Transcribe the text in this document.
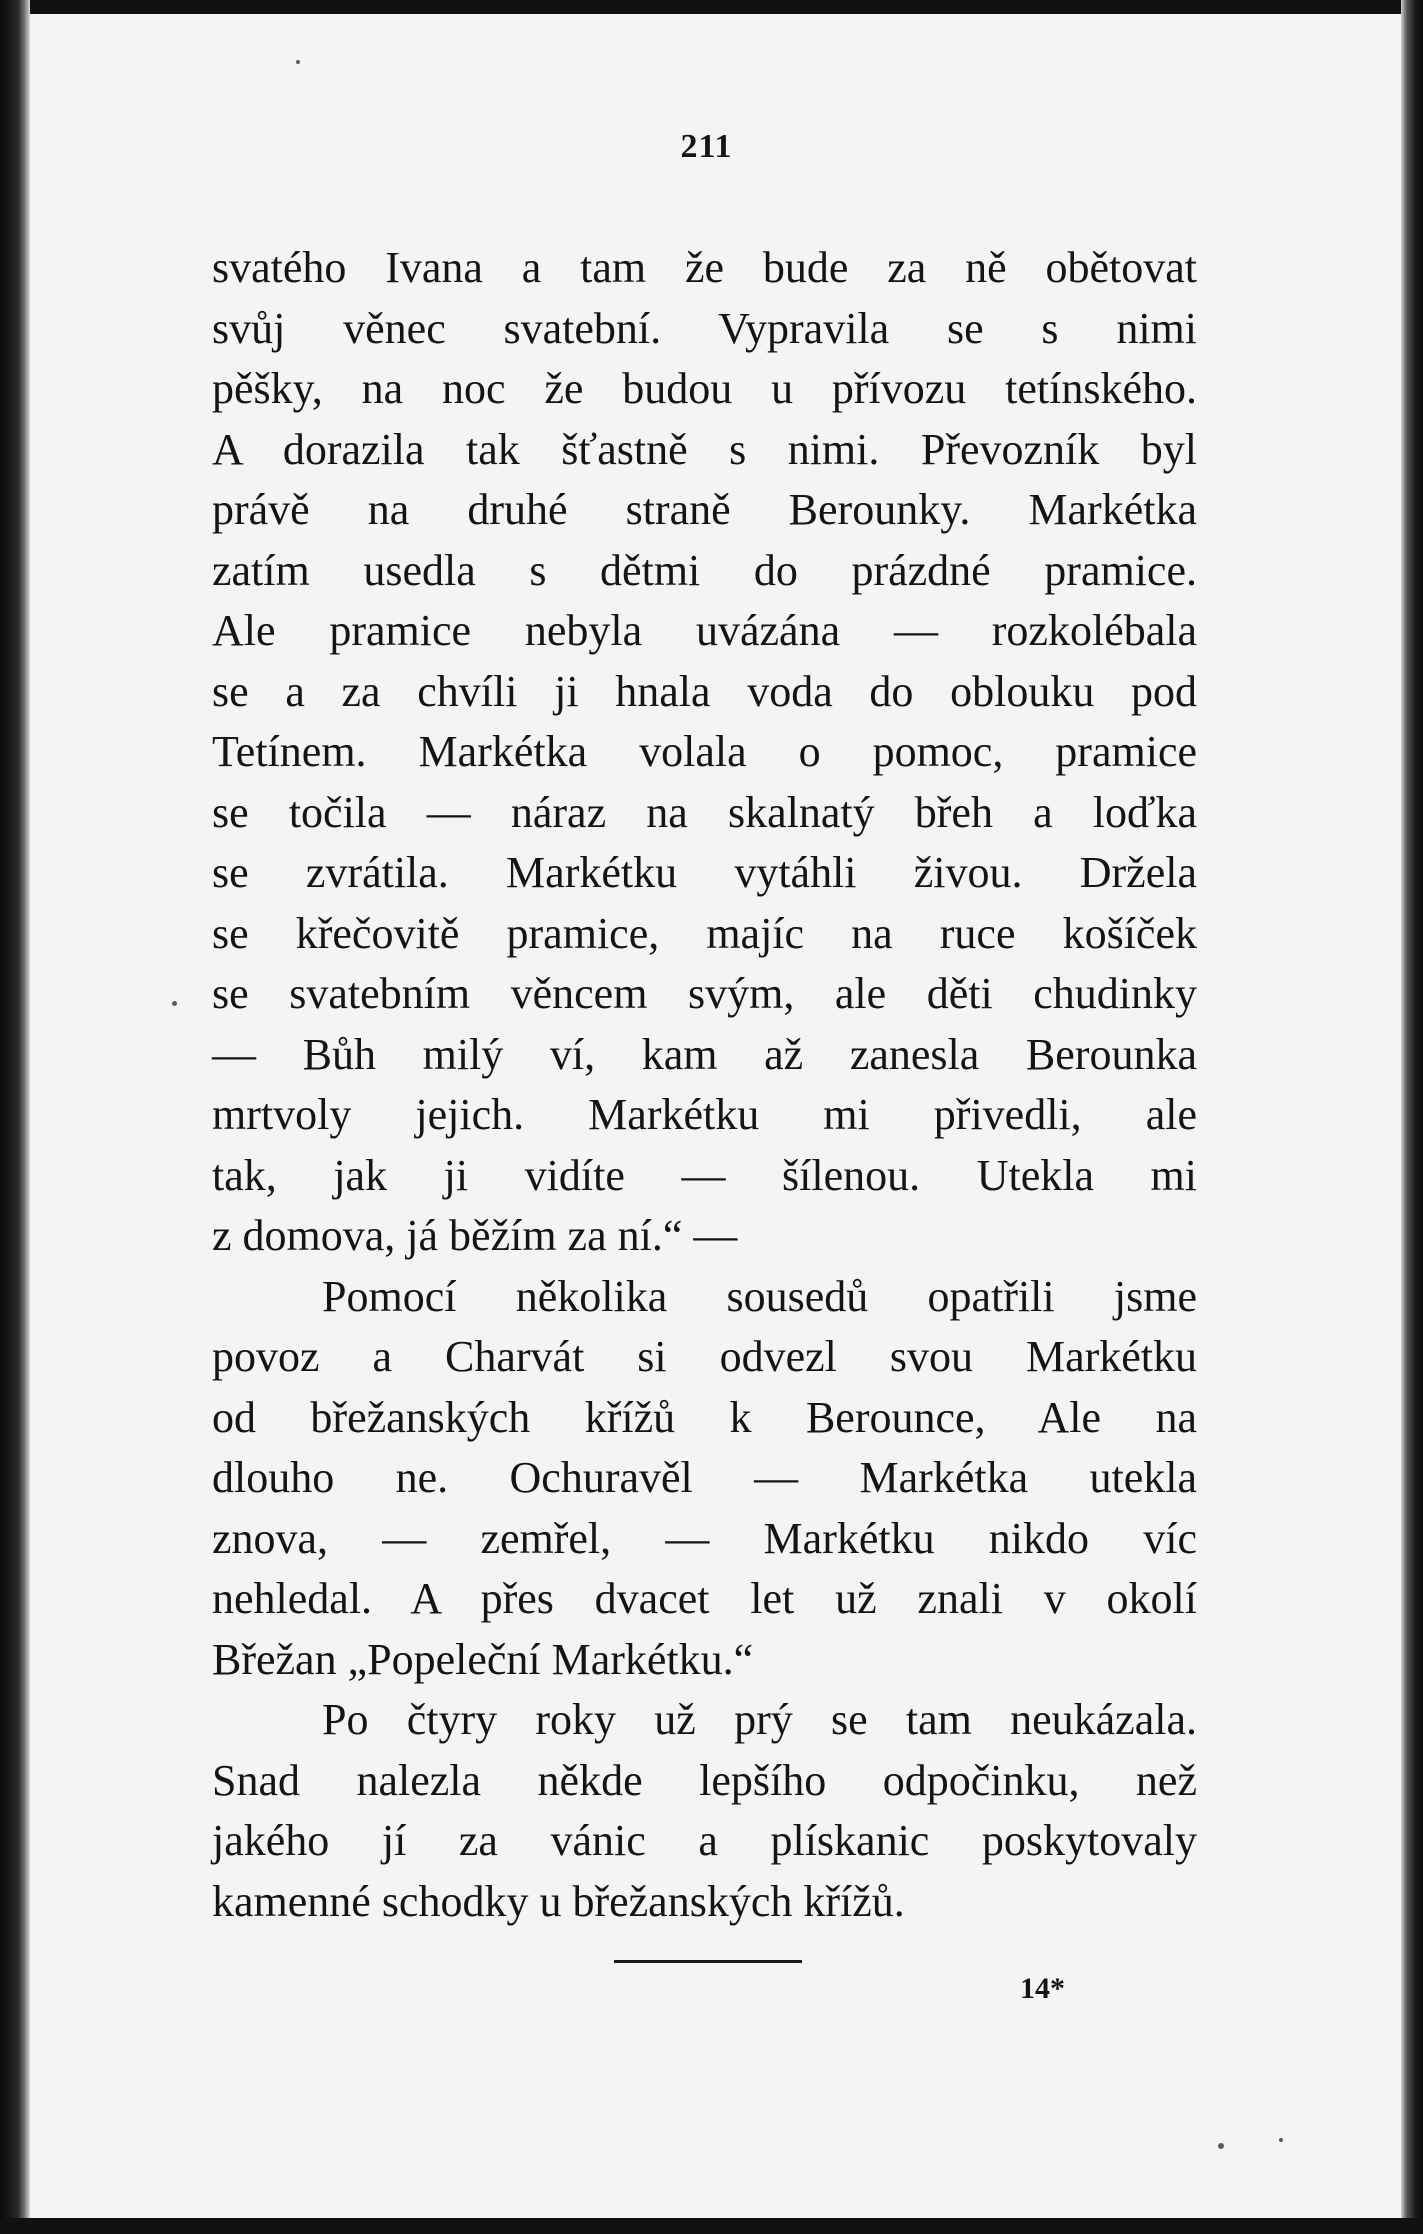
211
svatého Ivana a tam že bude za ně obětovat
svůj věnec svatební. Vypravila se s nimi
pěšky, na noc že budou u přívozu tetínského.
A dorazila tak šťastně s nimi. Převozník byl
právě na druhé straně Berounky. Markétka
zatím usedla s dětmi do prázdné pramice.
Ale pramice nebyla uvázána — rozkolébala
se a za chvíli ji hnala voda do oblouku pod
Tetínem. Markétka volala o pomoc, pramice
se točila — náraz na skalnatý břeh a loďka
se zvrátila. Markétku vytáhli živou. Držela
se křečovitě pramice, majíc na ruce košíček
se svatebním věncem svým, ale děti chudinky
— Bůh milý ví, kam až zanesla Berounka
mrtvoly jejich. Markétku mi přivedli, ale
tak, jak ji vidíte — šílenou. Utekla mi
z domova, já běžím za ní.“ —
Pomocí několika sousedů opatřili jsme
povoz a Charvát si odvezl svou Markétku
od břežanských křížů k Berounce, Ale na
dlouho ne. Ochuravěl — Markétka utekla
znova, — zemřel, — Markétku nikdo víc
nehledal. A přes dvacet let už znali v okolí
Břežan „Popeleční Markétku.“
Po čtyry roky už prý se tam neukázala.
Snad nalezla někde lepšího odpočinku, než
jakého jí za vánic a plískanic poskytovaly
kamenné schodky u břežanských křížů.
14*
